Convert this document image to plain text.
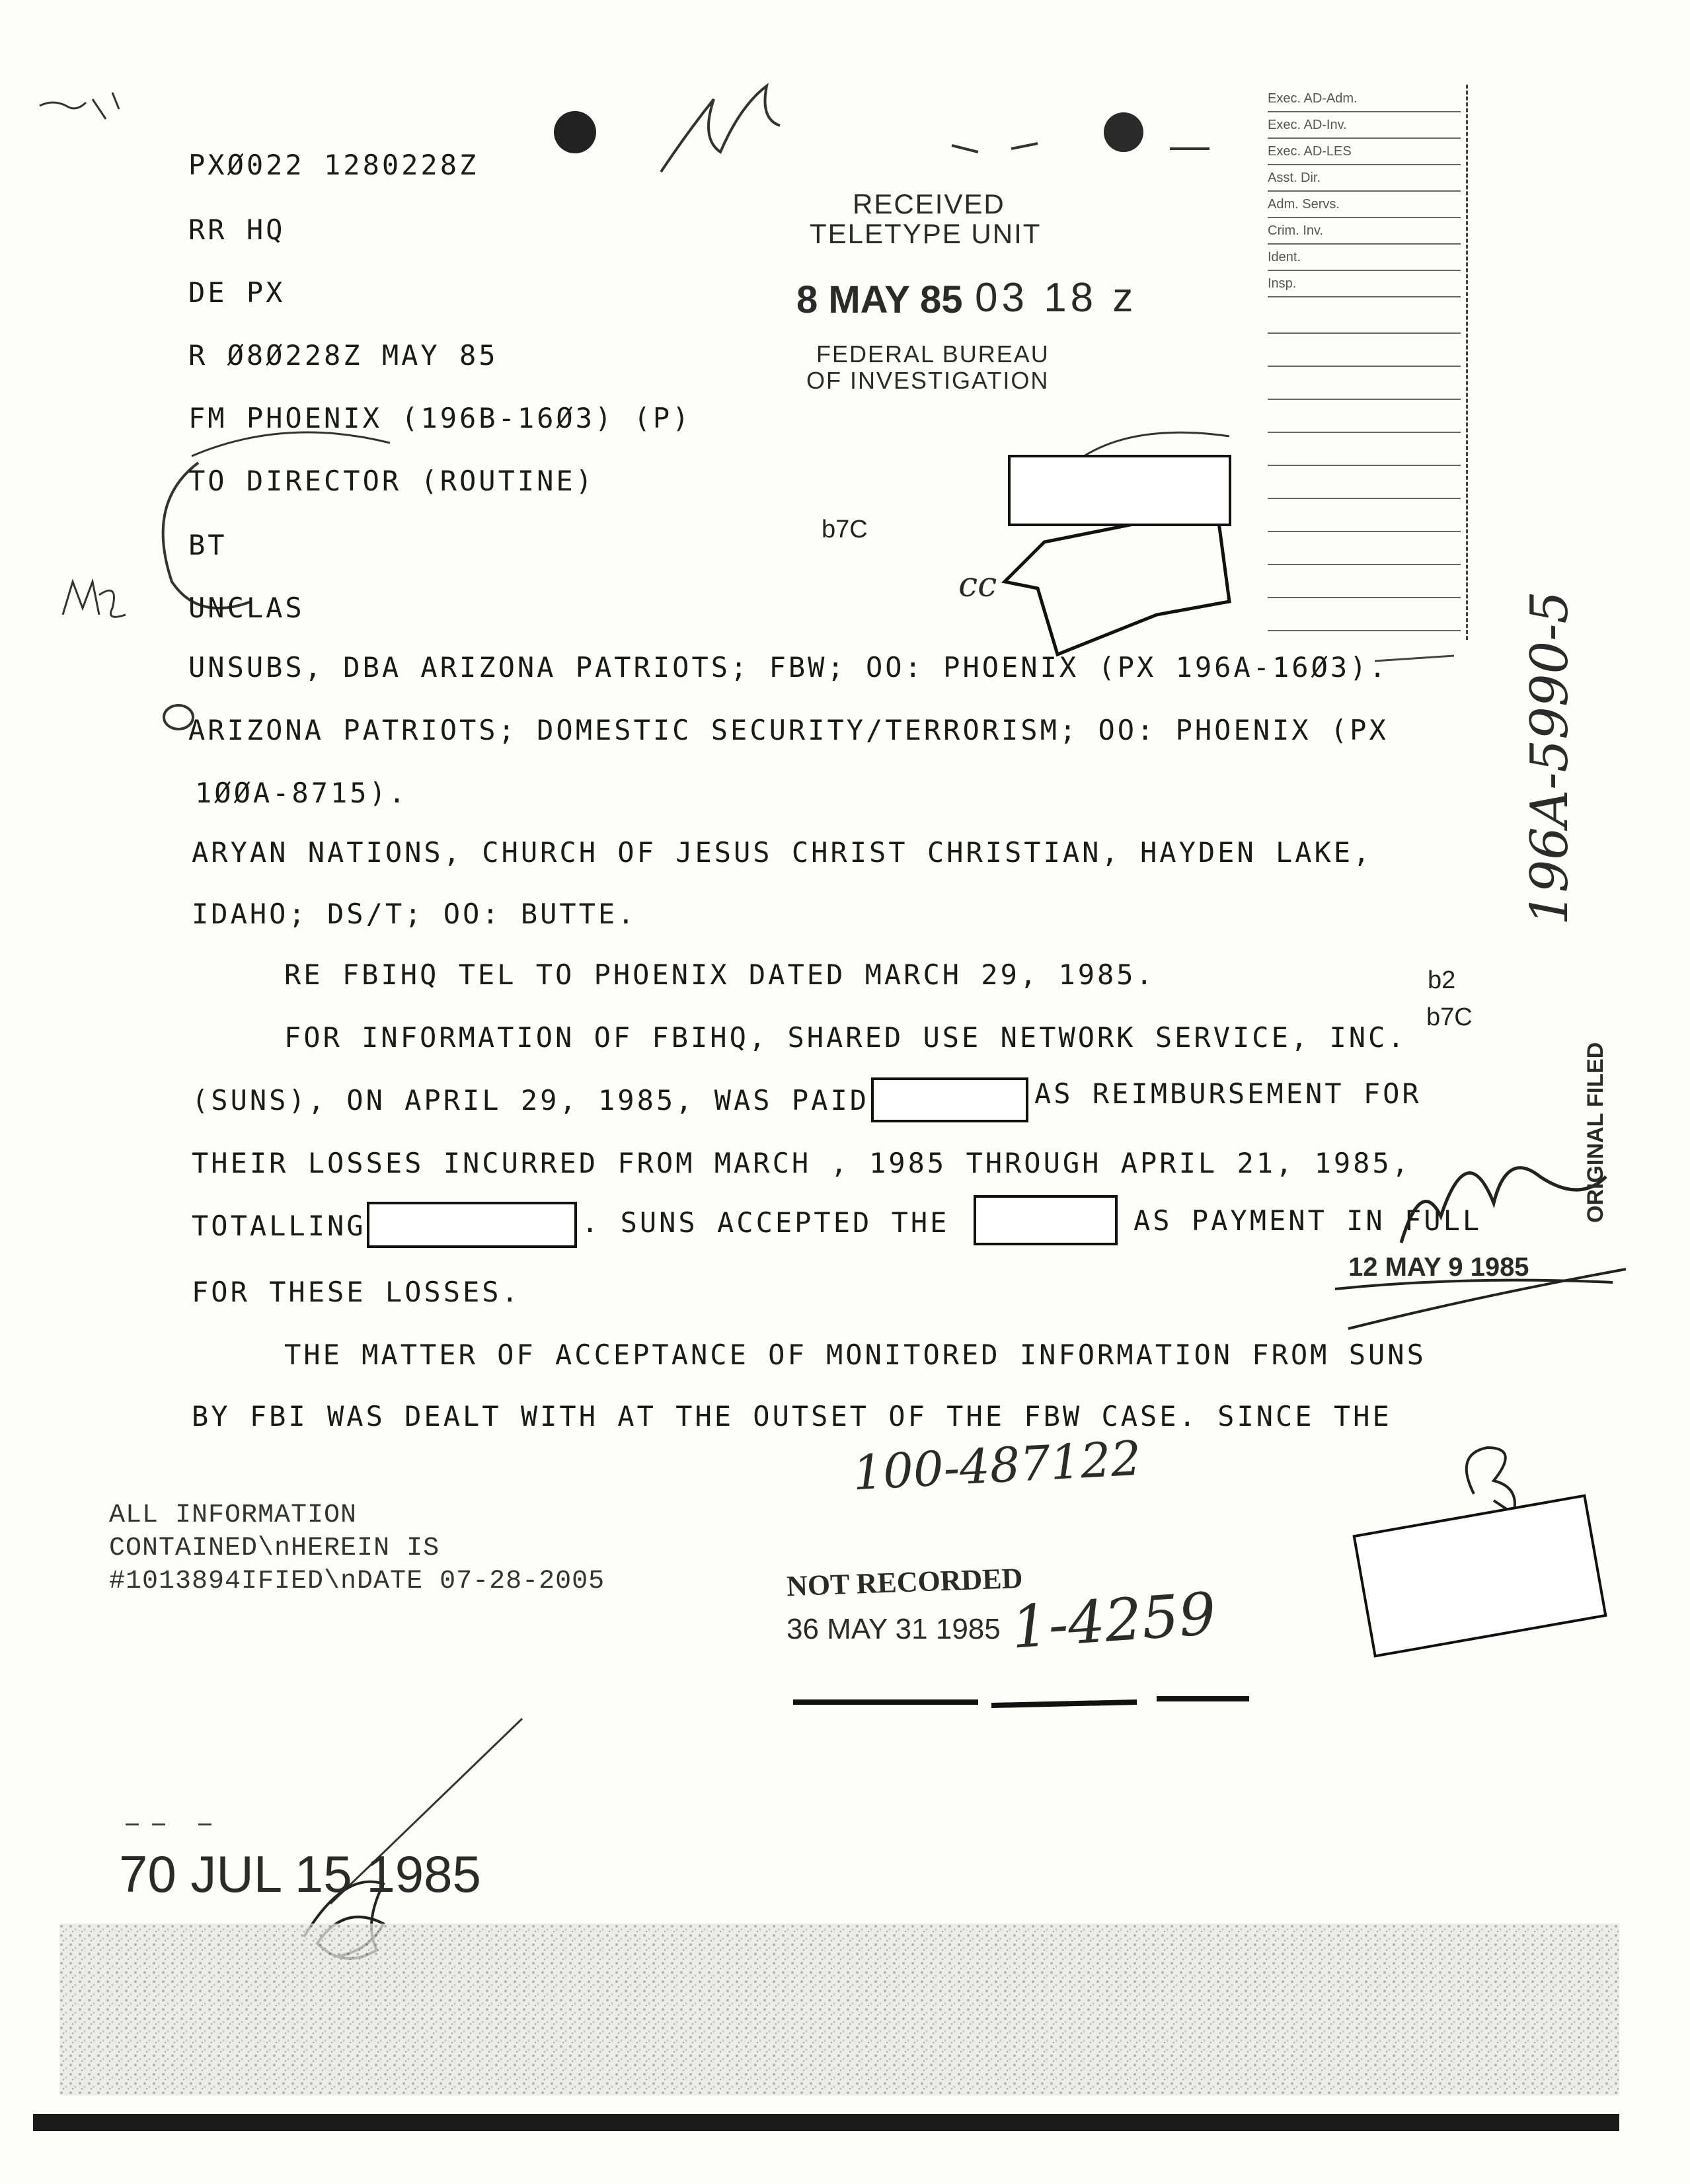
Exec. AD-Adm.
Exec. AD-Inv.
Exec. AD-LES
Asst. Dir.
Adm. Servs.
Crim. Inv.
Ident.
Insp.
PXØ022 1280228Z
RR HQ
DE PX
R Ø8Ø228Z MAY 85
FM PHOENIX (196B-16Ø3) (P)
TO DIRECTOR (ROUTINE)
BT
UNCLAS
RECEIVED
TELETYPE UNIT
8 MAY 85 03 18 z
FEDERAL BUREAU
OF INVESTIGATION
b7C
cc
UNSUBS, DBA ARIZONA PATRIOTS; FBW; OO: PHOENIX (PX 196A-16Ø3).
ARIZONA PATRIOTS; DOMESTIC SECURITY/TERRORISM; OO: PHOENIX (PX
1ØØA-8715).
ARYAN NATIONS, CHURCH OF JESUS CHRIST CHRISTIAN, HAYDEN LAKE,
IDAHO; DS/T; OO: BUTTE.
RE FBIHQ TEL TO PHOENIX DATED MARCH 29, 1985.
FOR INFORMATION OF FBIHQ, SHARED USE NETWORK SERVICE, INC.
(SUNS), ON APRIL 29, 1985, WAS PAID	AS REIMBURSEMENT FOR
THEIR LOSSES INCURRED FROM MARCH , 1985 THROUGH APRIL 21, 1985,
TOTALLING	. SUNS ACCEPTED THE	AS PAYMENT IN FULL
FOR THESE LOSSES.
THE MATTER OF ACCEPTANCE OF MONITORED INFORMATION FROM SUNS
BY FBI WAS DEALT WITH AT THE OUTSET OF THE FBW CASE. SINCE THE
b2
b7C
12 MAY 9 1985
196A-5990-5
ORIGINAL FILED
100-487122
ALL INFORMATION
CONTAINED\nHEREIN IS
#1013894IFIED\nDATE 07-28-2005	NOT RECORDED
36 MAY 31 1985 1-4259
70 JUL 15 1985
